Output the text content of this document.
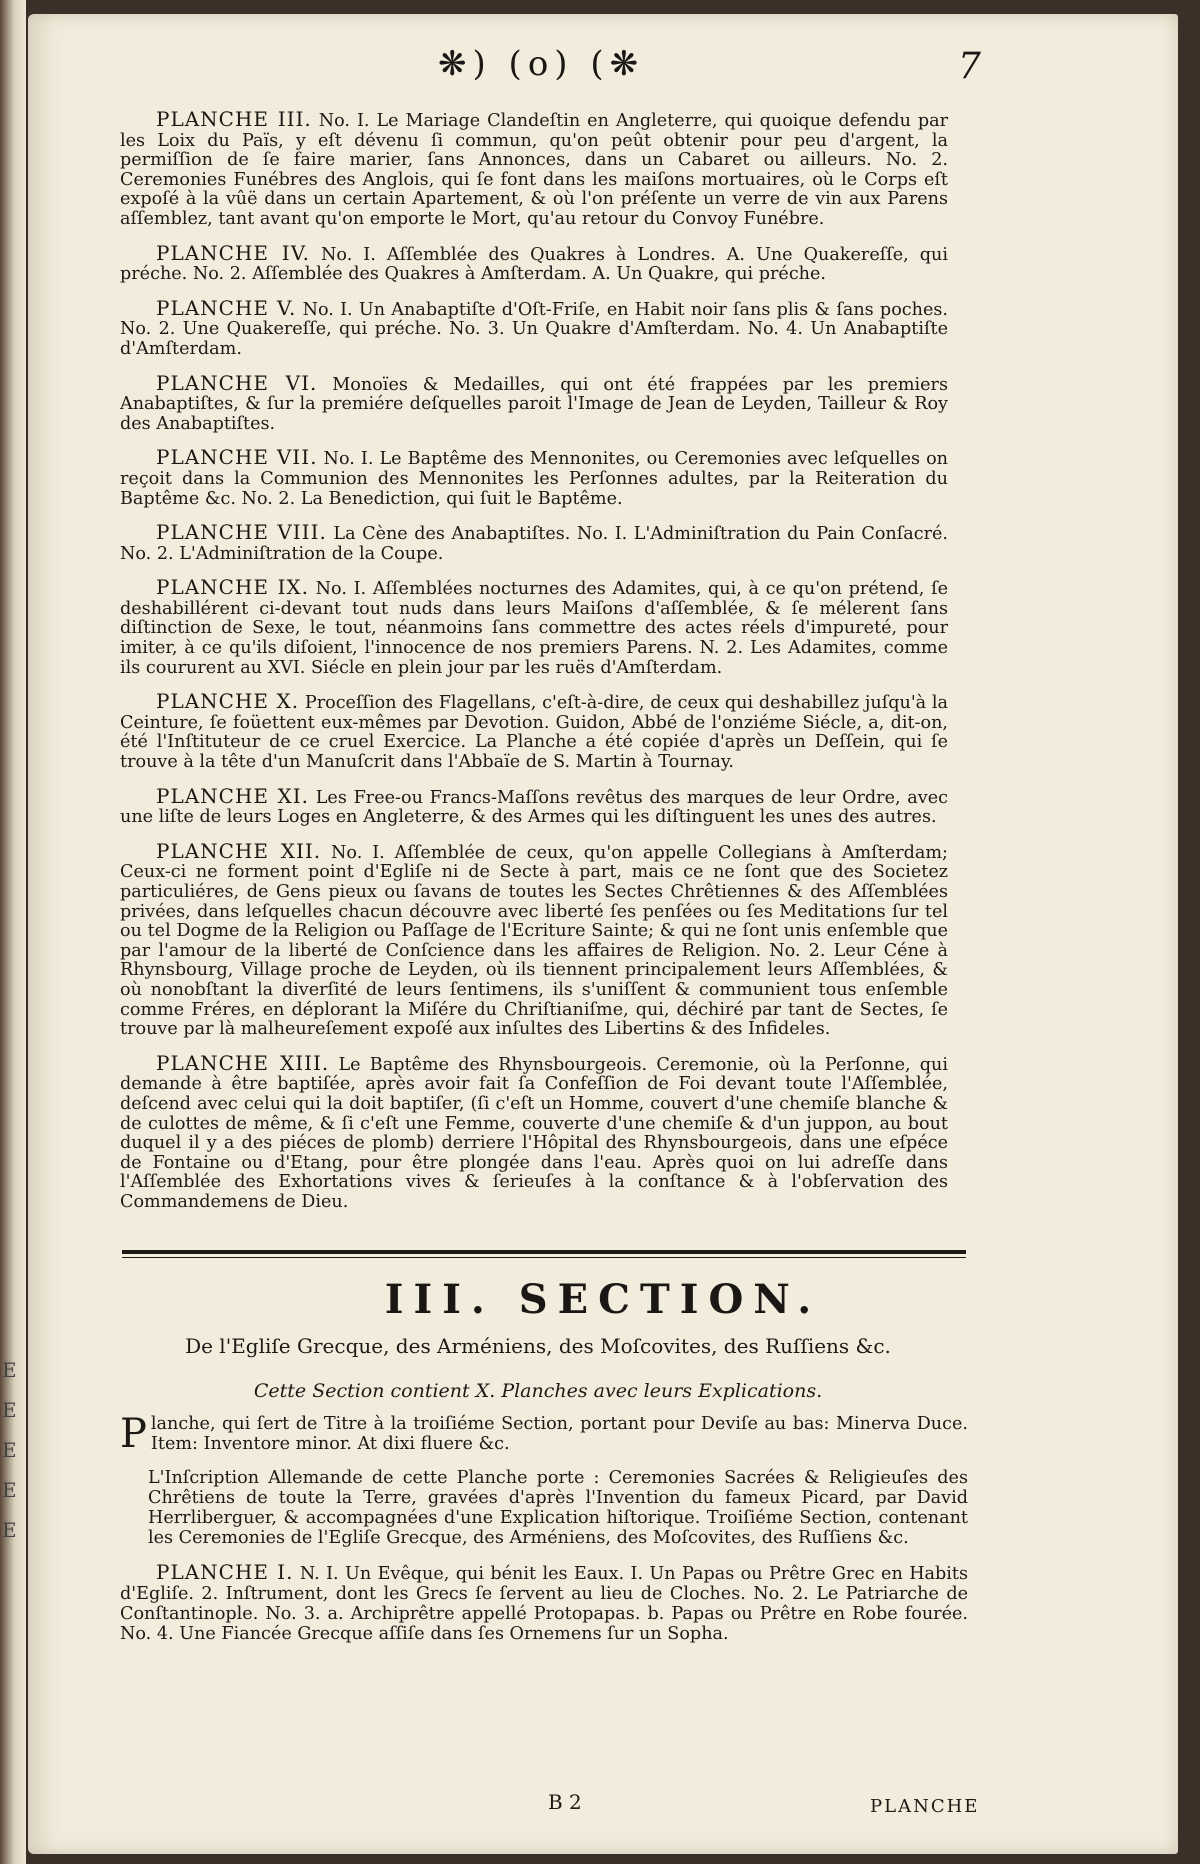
E
E
E
E
E
❋) (o) (❋	7

PLANCHE III. No. I. Le Mariage Clandeſtin en Angleterre, qui quoique defendu par les Loix du Païs, y eſt dévenu ſi commun, qu'on peût obtenir pour peu d'argent, la permiſſion de ſe faire marier, ſans Annonces, dans un Cabaret ou ailleurs. No. 2. Ceremonies Funébres des Anglois, qui ſe font dans les maiſons mortuaires, où le Corps eſt expoſé à la vûë dans un certain Apartement, & où l'on préſente un verre de vin aux Parens aſſemblez, tant avant qu'on emporte le Mort, qu'au retour du Convoy Funébre.

PLANCHE IV. No. I. Aſſemblée des Quakres à Londres. A. Une Quakereſſe, qui préche. No. 2. Aſſemblée des Quakres à Amſterdam. A. Un Quakre, qui préche.

PLANCHE V. No. I. Un Anabaptiſte d'Oſt-Friſe, en Habit noir ſans plis & ſans poches. No. 2. Une Quakereſſe, qui préche. No. 3. Un Quakre d'Amſterdam. No. 4. Un Anabaptiſte d'Amſterdam.

PLANCHE VI. Monoïes & Medailles, qui ont été frappées par les premiers Anabaptiſtes, & ſur la premiére deſquelles paroit l'Image de Jean de Leyden, Tailleur & Roy des Anabaptiſtes.

PLANCHE VII. No. I. Le Baptême des Mennonites, ou Ceremonies avec leſquelles on reçoit dans la Communion des Mennonites les Perſonnes adultes, par la Reiteration du Baptême &c. No. 2. La Benediction, qui ſuit le Baptême.

PLANCHE VIII. La Cène des Anabaptiſtes. No. I. L'Adminiſtration du Pain Conſacré. No. 2. L'Adminiſtration de la Coupe.

PLANCHE IX. No. I. Aſſemblées nocturnes des Adamites, qui, à ce qu'on prétend, ſe deshabillérent ci-devant tout nuds dans leurs Maiſons d'aſſemblée, & ſe mélerent ſans diſtinction de Sexe, le tout, néanmoins ſans commettre des actes réels d'impureté, pour imiter, à ce qu'ils diſoient, l'innocence de nos premiers Parens. N. 2. Les Adamites, comme ils coururent au XVI. Siécle en plein jour par les ruës d'Amſterdam.

PLANCHE X. Proceſſion des Flagellans, c'eſt-à-dire, de ceux qui deshabillez juſqu'à la Ceinture, ſe foüettent eux-mêmes par Devotion. Guidon, Abbé de l'onziéme Siécle, a, dit-on, été l'Inſtituteur de ce cruel Exercice. La Planche a été copiée d'après un Deſſein, qui ſe trouve à la tête d'un Manuſcrit dans l'Abbaïe de S. Martin à Tournay.

PLANCHE XI. Les Free-ou Francs-Maſſons revêtus des marques de leur Ordre, avec une liſte de leurs Loges en Angleterre, & des Armes qui les diſtinguent les unes des autres.

PLANCHE XII. No. I. Aſſemblée de ceux, qu'on appelle Collegians à Amſterdam; Ceux-ci ne forment point d'Egliſe ni de Secte à part, mais ce ne ſont que des Societez particuliéres, de Gens pieux ou ſavans de toutes les Sectes Chrêtiennes & des Aſſemblées privées, dans leſquelles chacun découvre avec liberté ſes penſées ou ſes Meditations ſur tel ou tel Dogme de la Religion ou Paſſage de l'Ecriture Sainte; & qui ne ſont unis enſemble que par l'amour de la liberté de Conſcience dans les affaires de Religion. No. 2. Leur Céne à Rhynsbourg, Village proche de Leyden, où ils tiennent principalement leurs Aſſemblées, & où nonobſtant la diverſité de leurs ſentimens, ils s'uniſſent & communient tous enſemble comme Fréres, en déplorant la Miſére du Chriſtianiſme, qui, déchiré par tant de Sectes, ſe trouve par là malheureſement expoſé aux inſultes des Libertins & des Infideles.

PLANCHE XIII. Le Baptême des Rhynsbourgeois. Ceremonie, où la Perſonne, qui demande à être baptiſée, après avoir fait ſa Confeſſion de Foi devant toute l'Aſſemblée, deſcend avec celui qui la doit baptiſer, (ſi c'eſt un Homme, couvert d'une chemiſe blanche & de culottes de même, & ſi c'eſt une Femme, couverte d'une chemiſe & d'un juppon, au bout duquel il y a des piéces de plomb) derriere l'Hôpital des Rhynsbourgeois, dans une eſpéce de Fontaine ou d'Etang, pour être plongée dans l'eau. Après quoi on lui adreſſe dans l'Aſſemblée des Exhortations vives & ſerieuſes à la conſtance & à l'obſervation des Commandemens de Dieu.

III. SECTION.
De l'Egliſe Grecque, des Arméniens, des Moſcovites, des Ruſſiens &c.
Cette Section contient X. Planches avec leurs Explications.

Planche, qui ſert de Titre à la troiſiéme Section, portant pour Deviſe au bas: Minerva Duce. Item: Inventore minor. At dixi fluere &c.

L'Inſcription Allemande de cette Planche porte : Ceremonies Sacrées & Religieuſes des Chrêtiens de toute la Terre, gravées d'après l'Invention du fameux Picard, par David Herrliberguer, & accompagnées d'une Explication hiſtorique. Troiſiéme Section, contenant les Ceremonies de l'Egliſe Grecque, des Arméniens, des Moſcovites, des Ruſſiens &c.

PLANCHE I. N. I. Un Evêque, qui bénit les Eaux. I. Un Papas ou Prêtre Grec en Habits d'Egliſe. 2. Inſtrument, dont les Grecs ſe ſervent au lieu de Cloches. No. 2. Le Patriarche de Conſtantinople. No. 3. a. Archiprêtre appellé Protopapas. b. Papas ou Prêtre en Robe fourée. No. 4. Une Fiancée Grecque aſſiſe dans ſes Ornemens ſur un Sopha.

B 2	PLANCHE
